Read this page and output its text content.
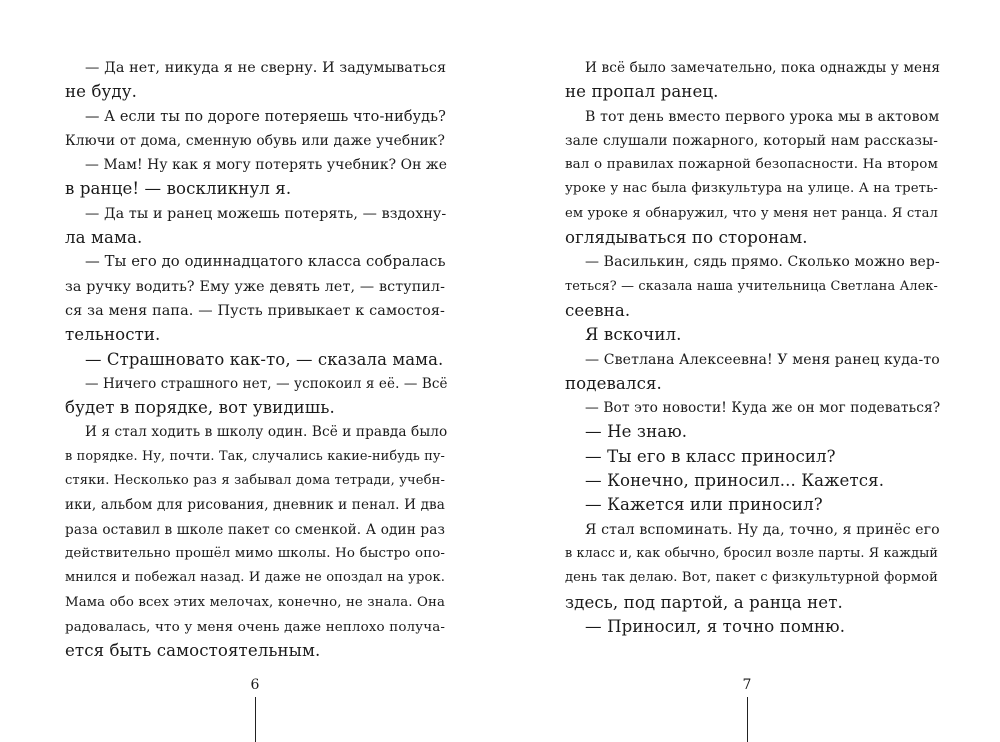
— Да нет, никуда я не сверну. И задумываться
не буду.
— А если ты по дороге потеряешь что-нибудь?
Ключи от дома, сменную обувь или даже учебник?
— Мам! Ну как я могу потерять учебник? Он же
в ранце! — воскликнул я.
— Да ты и ранец можешь потерять, — вздохну-
ла мама.
— Ты его до одиннадцатого класса собралась
за ручку водить? Ему уже девять лет, — вступил-
ся за меня папа. — Пусть привыкает к самостоя-
тельности.
— Страшновато как-то, — сказала мама.
— Ничего страшного нет, — успокоил я её. — Всё
будет в порядке, вот увидишь.
И я стал ходить в школу один. Всё и правда было
в порядке. Ну, почти. Так, случались какие-нибудь пу-
стяки. Несколько раз я забывал дома тетради, учебн-
ики, альбом для рисования, дневник и пенал. И два
раза оставил в школе пакет со сменкой. А один раз
действительно прошёл мимо школы. Но быстро опо-
мнился и побежал назад. И даже не опоздал на урок.
Мама обо всех этих мелочах, конечно, не знала. Она
радовалась, что у меня очень даже неплохо получа-
ется быть самостоятельным.
6
И всё было замечательно, пока однажды у меня
не пропал ранец.
В тот день вместо первого урока мы в актовом
зале слушали пожарного, который нам рассказы-
вал о правилах пожарной безопасности. На втором
уроке у нас была физкультура на улице. А на треть-
ем уроке я обнаружил, что у меня нет ранца. Я стал
оглядываться по сторонам.
— Василькин, сядь прямо. Сколько можно вер-
теться? — сказала наша учительница Светлана Алек-
сеевна.
Я вскочил.
— Светлана Алексеевна! У меня ранец куда-то
подевался.
— Вот это новости! Куда же он мог подеваться?
— Не знаю.
— Ты его в класс приносил?
— Конечно, приносил... Кажется.
— Кажется или приносил?
Я стал вспоминать. Ну да, точно, я принёс его
в класс и, как обычно, бросил возле парты. Я каждый
день так делаю. Вот, пакет с физкультурной формой
здесь, под партой, а ранца нет.
— Приносил, я точно помню.
7
